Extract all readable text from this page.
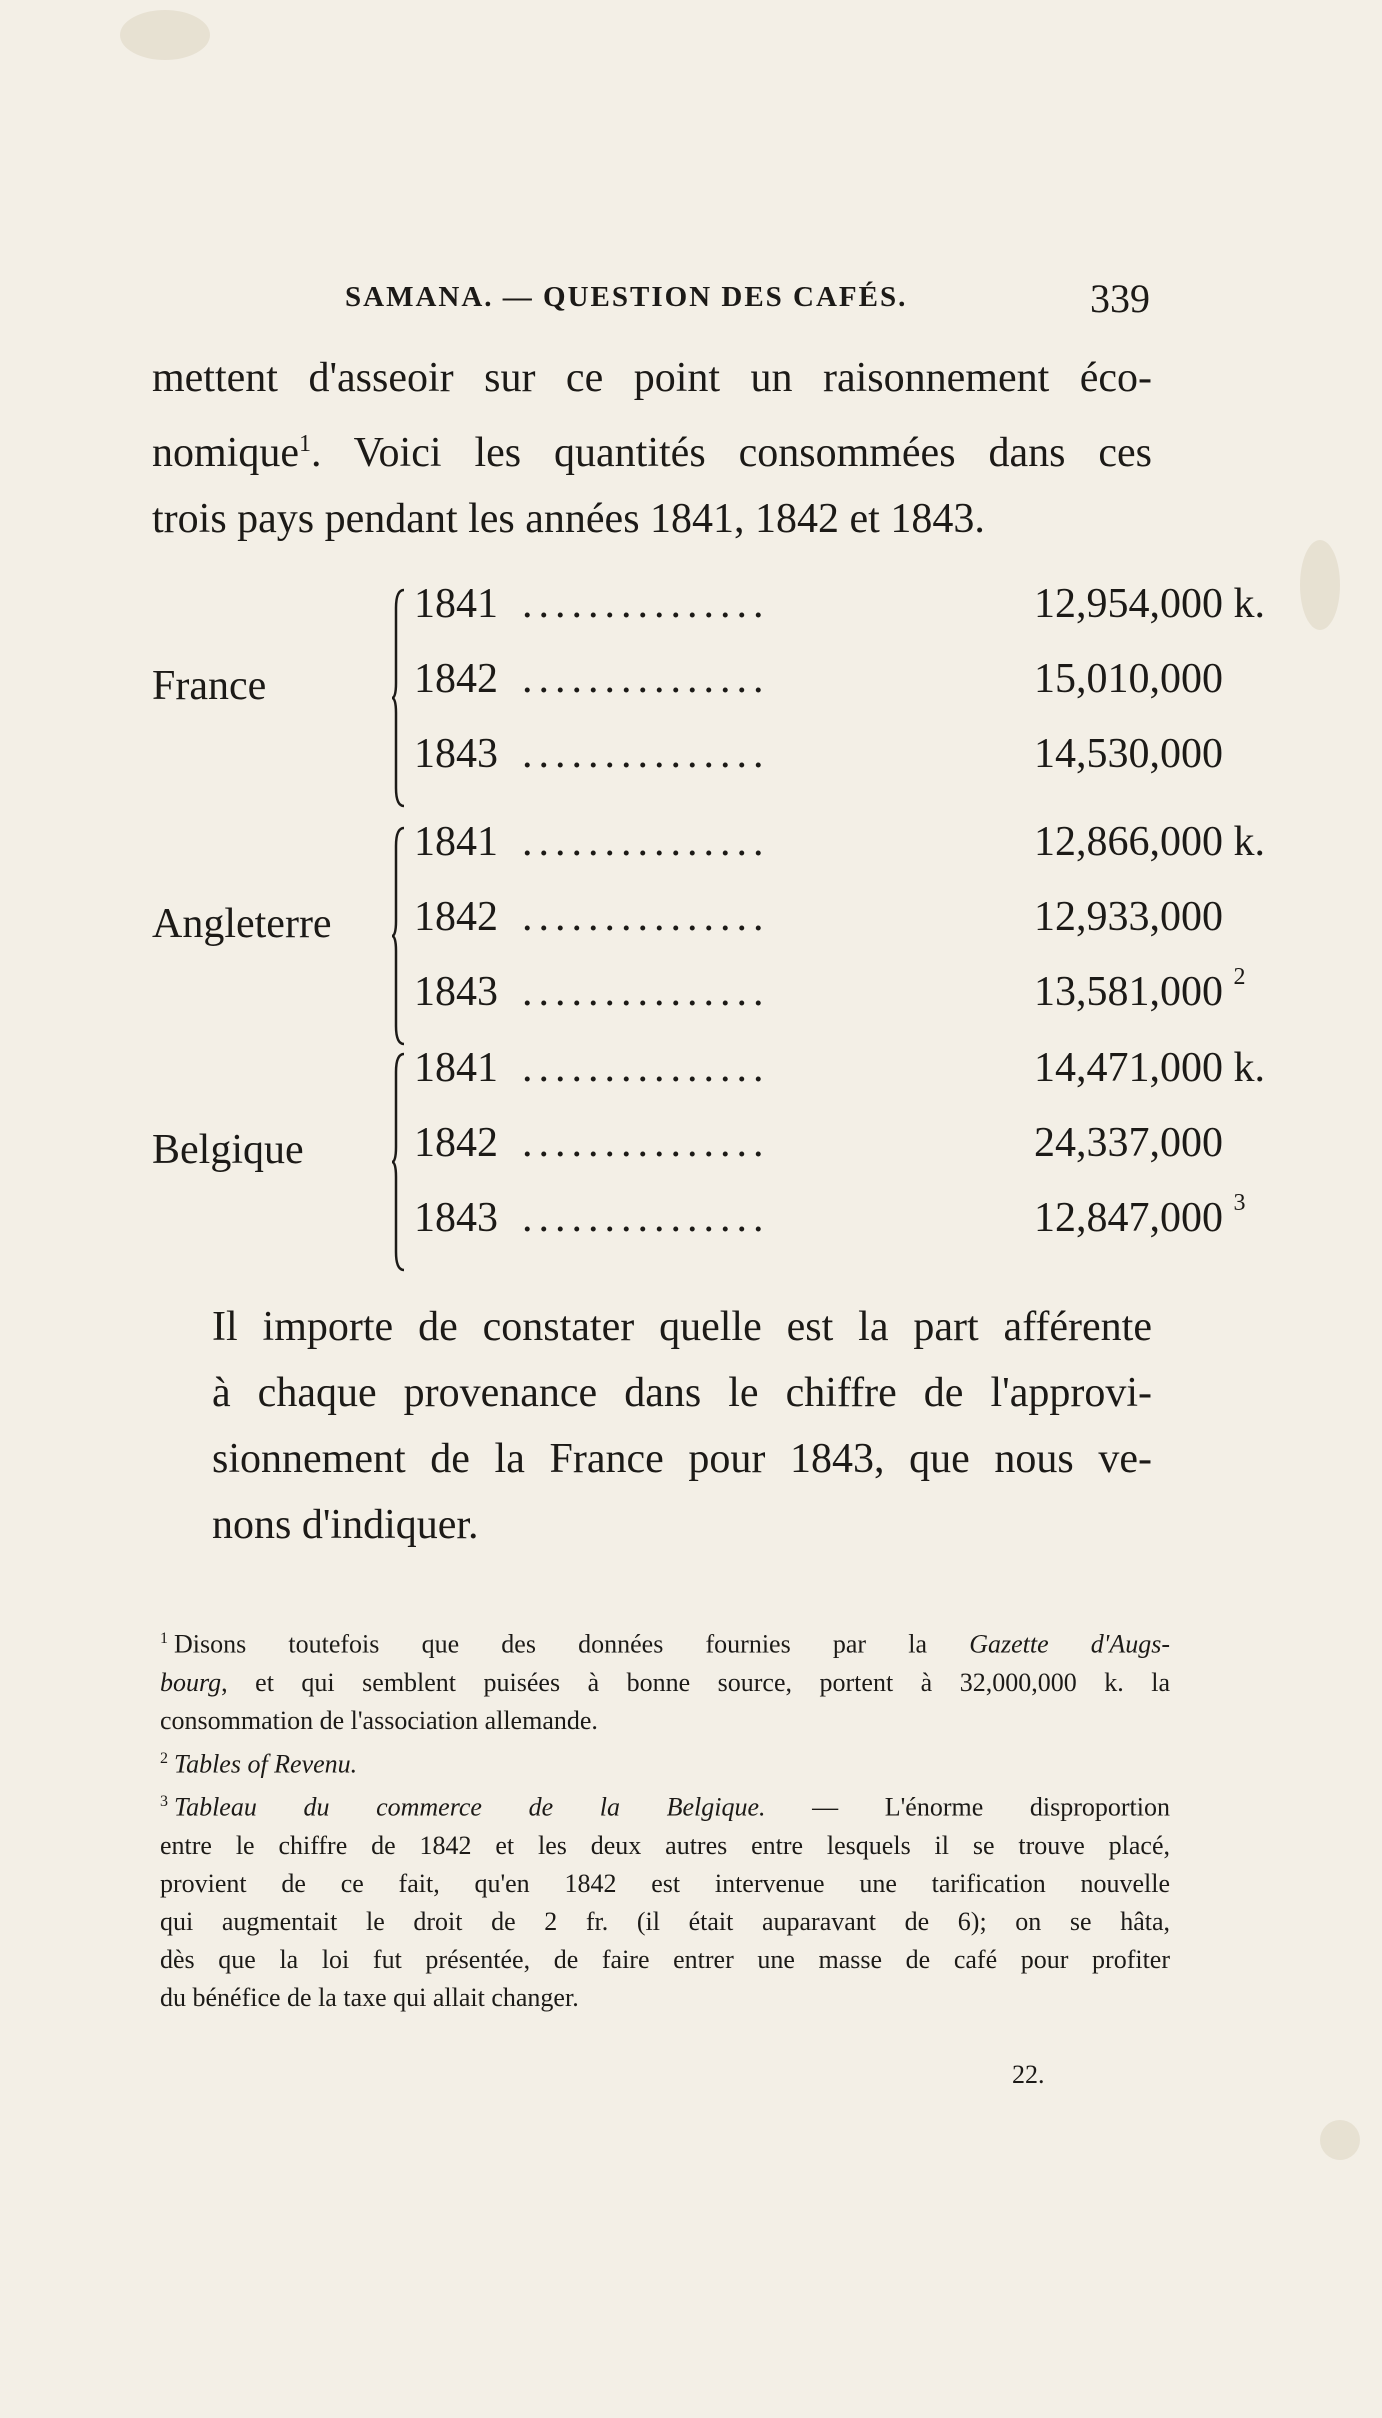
SAMANA. — QUESTION DES CAFÉS.	339
mettent d'asseoir sur ce point un raisonnement éco-
nomique$^1$. Voici les quantités consommées dans ces
trois pays pendant les années 1841, 1842 et 1843.
France
1841 ...............	12,954,000 k.
1842 ...............	15,010,000
1843 ...............	14,530,000
Angleterre
1841 ...............	12,866,000 k.
1842 ...............	12,933,000
1843 ...............	13,581,000 $^2$
Belgique
1841 ...............	14,471,000 k.
1842 ...............	24,337,000
1843 ...............	12,847,000 $^3$
Il importe de constater quelle est la part afférente
à chaque provenance dans le chiffre de l'approvi-
sionnement de la France pour 1843, que nous ve-
nons d'indiquer.
$^1$ Disons toutefois que des données fournies par la Gazette d'Augs-
bourg, et qui semblent puisées à bonne source, portent à 32,000,000 k. la
consommation de l'association allemande.
$^2$ Tables of Revenu.
$^3$ Tableau du commerce de la Belgique. — L'énorme disproportion
entre le chiffre de 1842 et les deux autres entre lesquels il se trouve placé,
provient de ce fait, qu'en 1842 est intervenue une tarification nouvelle
qui augmentait le droit de 2 fr. (il était auparavant de 6); on se hâta,
dès que la loi fut présentée, de faire entrer une masse de café pour profiter
du bénéfice de la taxe qui allait changer.
22.
